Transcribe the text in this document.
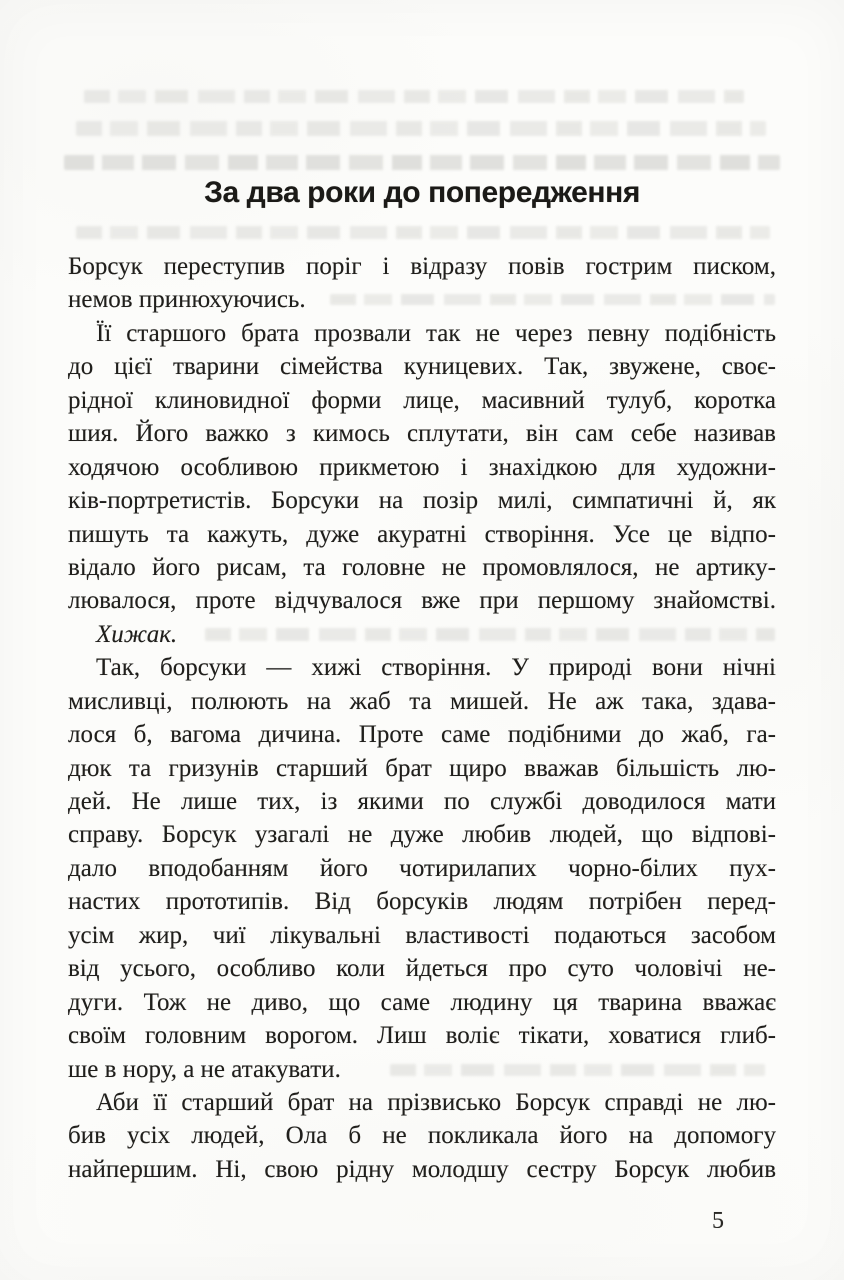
За два роки до попередження
Борсук переступив поріг і відразу повів гострим писком,
немов принюхуючись.
Її старшого брата прозвали так не через певну подібність
до цієї тварини сімейства куницевих. Так, звужене, своє-
рідної клиновидної форми лице, масивний тулуб, коротка
шия. Його важко з кимось сплутати, він сам себе називав
ходячою особливою прикметою і знахідкою для художни-
ків-портретистів. Борсуки на позір милі, симпатичні й, як
пишуть та кажуть, дуже акуратні створіння. Усе це відпо-
відало його рисам, та головне не промовлялося, не артику-
лювалося, проте відчувалося вже при першому знайомстві.
Хижак.
Так, борсуки — хижі створіння. У природі вони нічні
мисливці, полюють на жаб та мишей. Не аж така, здава-
лося б, вагома дичина. Проте саме подібними до жаб, га-
дюк та гризунів старший брат щиро вважав більшість лю-
дей. Не лише тих, із якими по службі доводилося мати
справу. Борсук узагалі не дуже любив людей, що відпові-
дало вподобанням його чотирилапих чорно-білих пух-
настих прототипів. Від борсуків людям потрібен перед-
усім жир, чиї лікувальні властивості подаються засобом
від усього, особливо коли йдеться про суто чоловічі не-
дуги. Тож не диво, що саме людину ця тварина вважає
своїм головним ворогом. Лиш воліє тікати, ховатися глиб-
ше в нору, а не атакувати.
Аби її старший брат на прізвисько Борсук справді не лю-
бив усіх людей, Ола б не покликала його на допомогу
найпершим. Ні, свою рідну молодшу сестру Борсук любив
5
